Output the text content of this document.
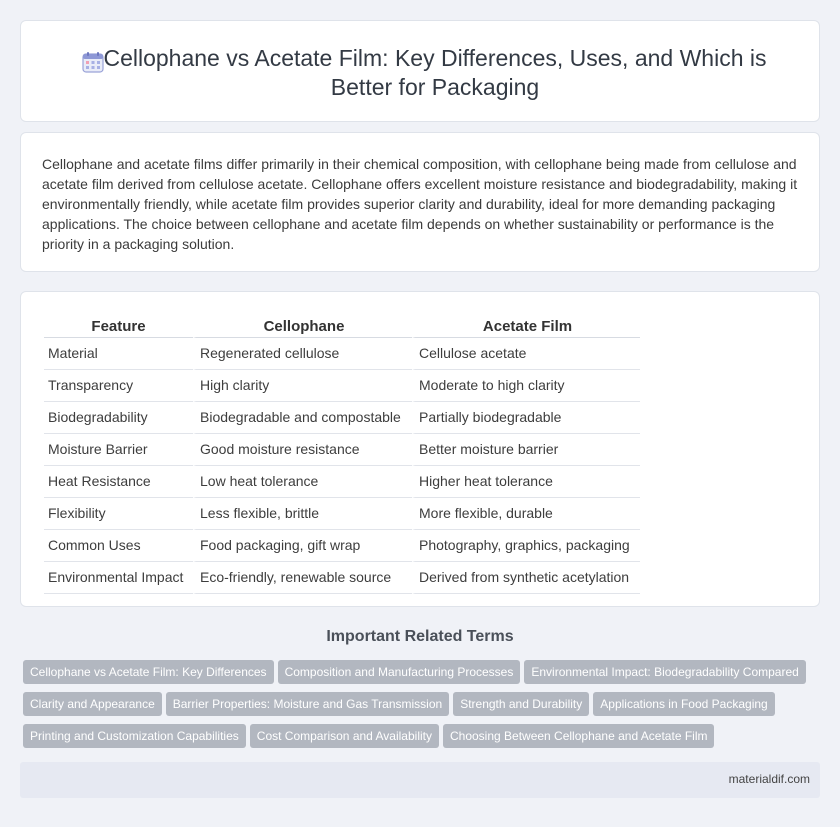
Cellophane vs Acetate Film: Key Differences, Uses, and Which is Better for Packaging

Cellophane and acetate films differ primarily in their chemical composition, with cellophane being made from cellulose and acetate film derived from cellulose acetate. Cellophane offers excellent moisture resistance and biodegradability, making it environmentally friendly, while acetate film provides superior clarity and durability, ideal for more demanding packaging applications. The choice between cellophane and acetate film depends on whether sustainability or performance is the priority in a packaging solution.

Feature	Cellophane	Acetate Film
Material	Regenerated cellulose	Cellulose acetate
Transparency	High clarity	Moderate to high clarity
Biodegradability	Biodegradable and compostable	Partially biodegradable
Moisture Barrier	Good moisture resistance	Better moisture barrier
Heat Resistance	Low heat tolerance	Higher heat tolerance
Flexibility	Less flexible, brittle	More flexible, durable
Common Uses	Food packaging, gift wrap	Photography, graphics, packaging
Environmental Impact	Eco-friendly, renewable source	Derived from synthetic acetylation
Important Related Terms
Cellophane vs Acetate Film: Key Differences Composition and Manufacturing Processes Environmental Impact: Biodegradability ComparedClarity and Appearance Barrier Properties: Moisture and Gas Transmission Strength and Durability Applications in Food PackagingPrinting and Customization Capabilities Cost Comparison and Availability Choosing Between Cellophane and Acetate Film
materialdif.com
